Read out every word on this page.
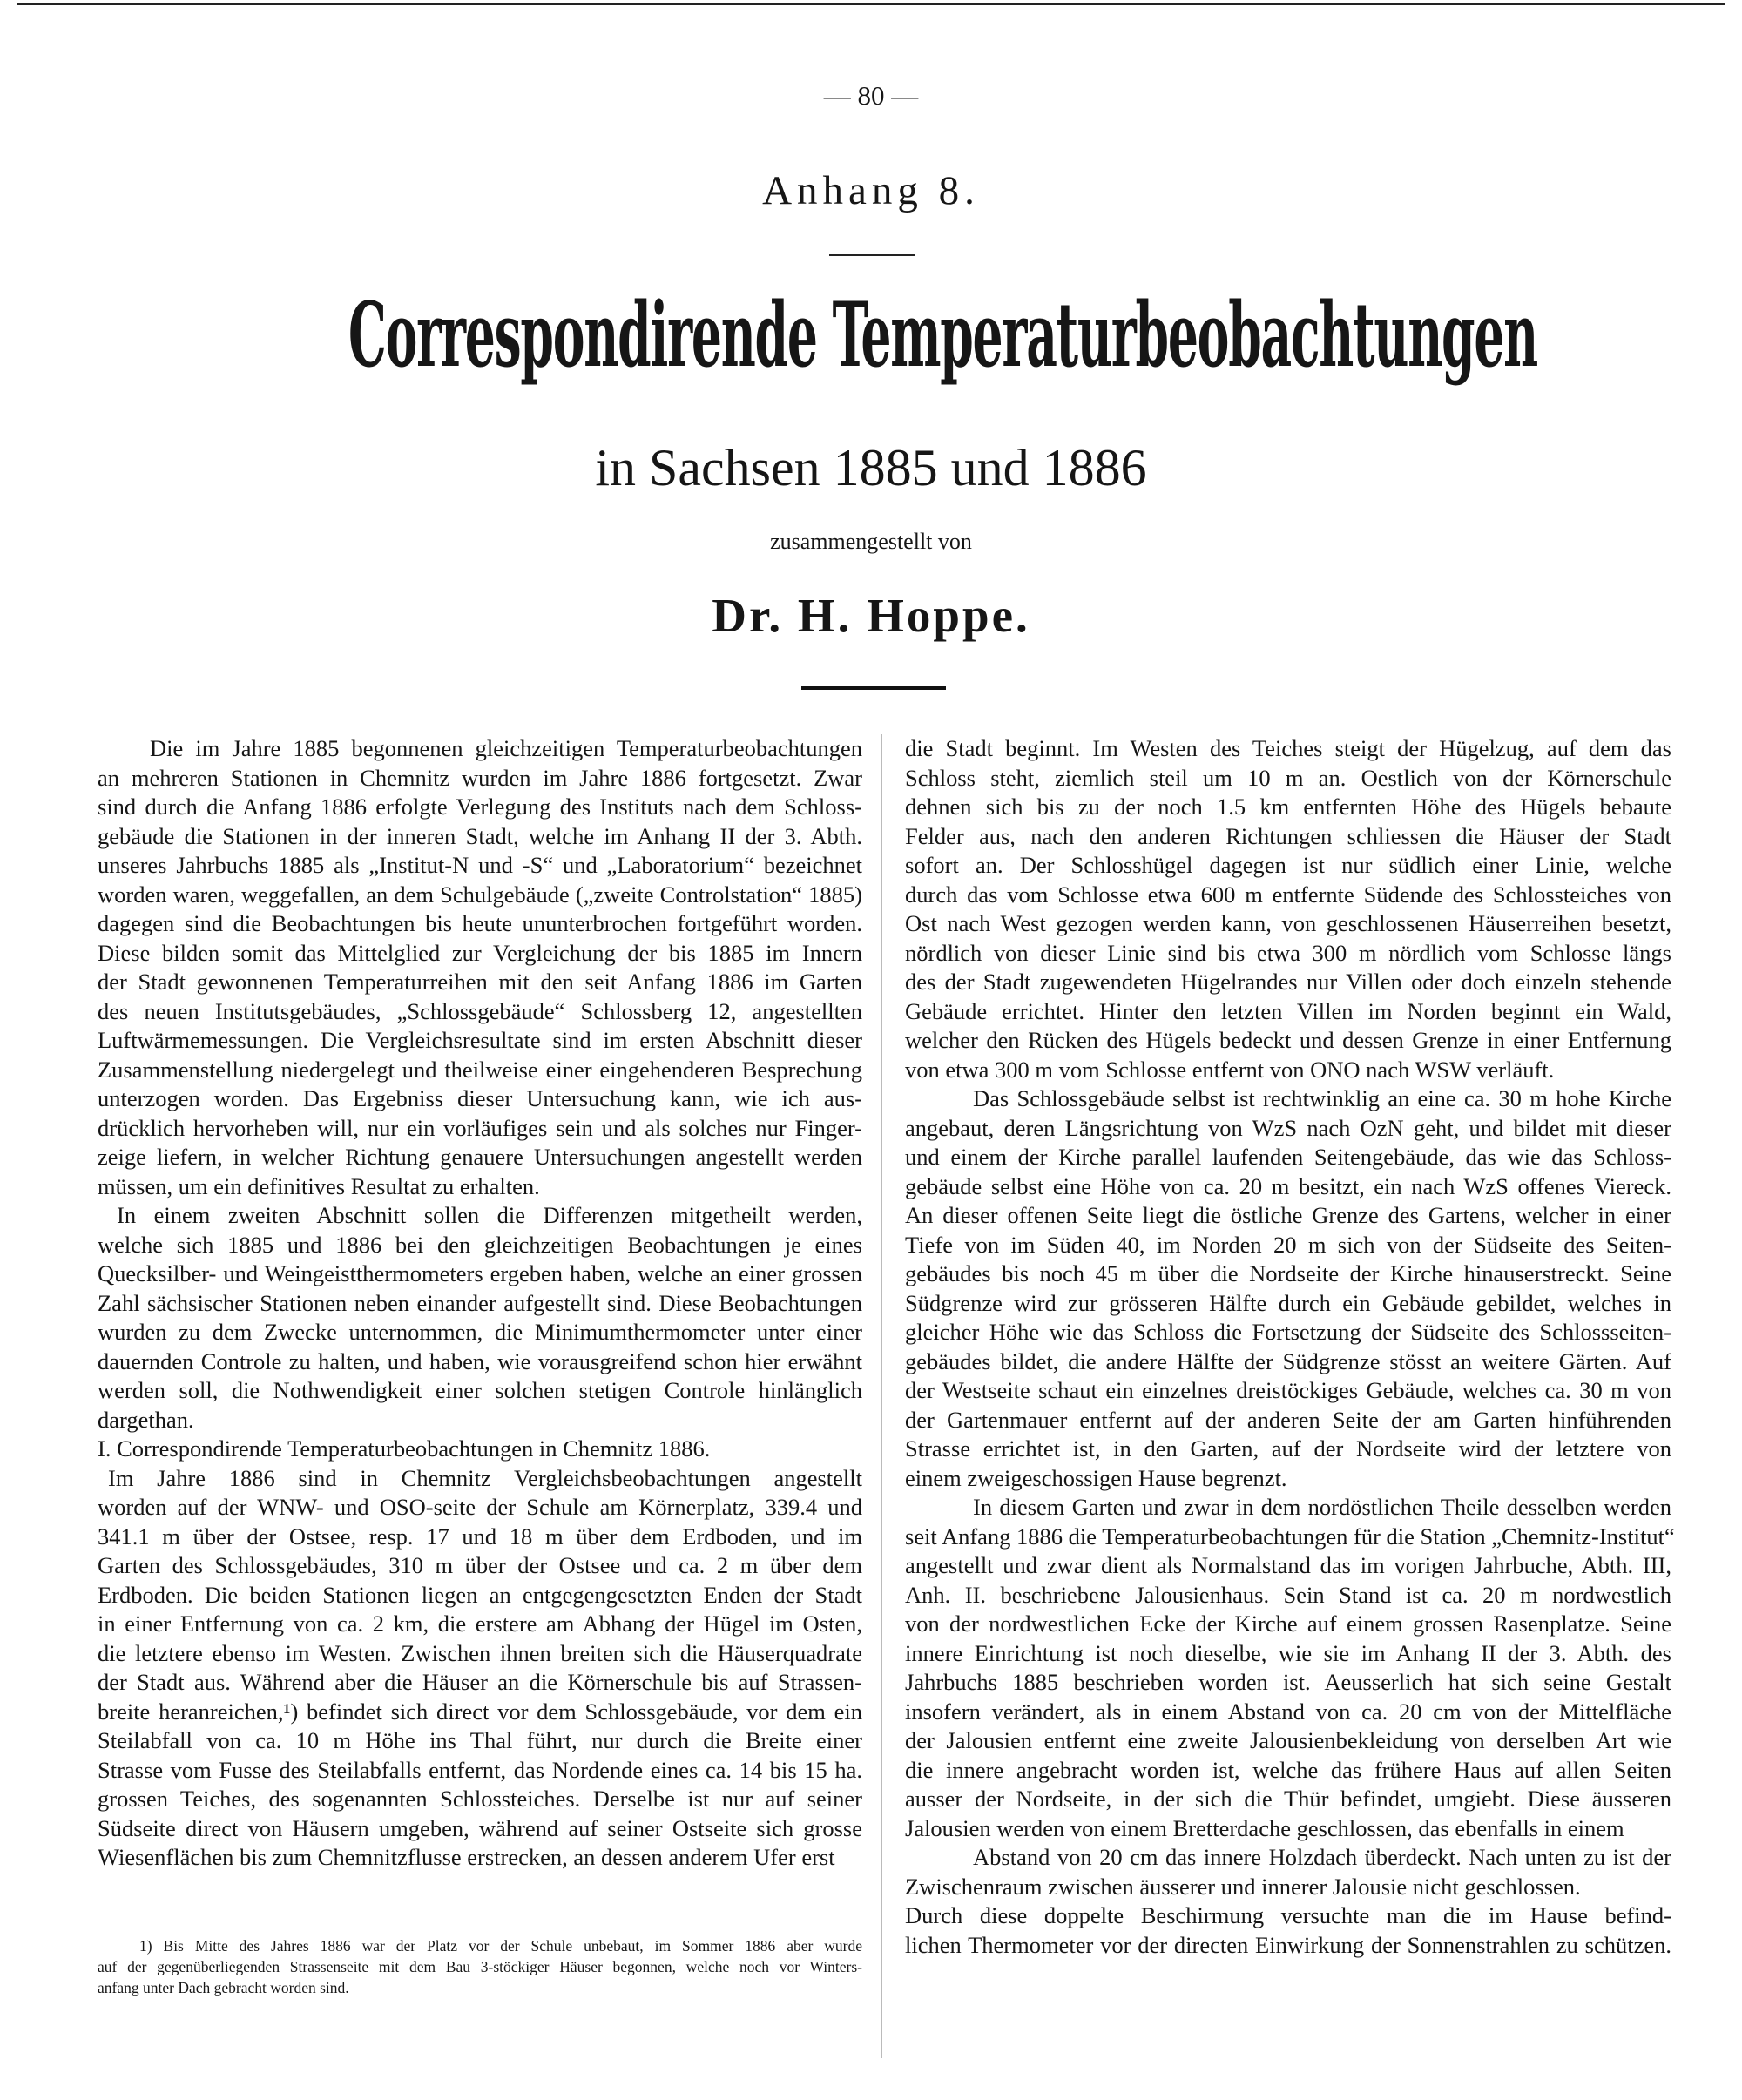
— 80 —
Anhang 8.
Correspondirende Temperaturbeobachtungen
in Sachsen 1885 und 1886
zusammengestellt von
Dr. H. Hoppe.
Die im Jahre 1885 begonnenen gleichzeitigen Temperaturbeobachtungen
an mehreren Stationen in Chemnitz wurden im Jahre 1886 fortgesetzt. Zwar
sind durch die Anfang 1886 erfolgte Verlegung des Instituts nach dem Schloss-
gebäude die Stationen in der inneren Stadt, welche im Anhang II der 3. Abth.
unseres Jahrbuchs 1885 als „Institut-N und -S“ und „Laboratorium“ bezeichnet
worden waren, weggefallen, an dem Schulgebäude („zweite Controlstation“ 1885)
dagegen sind die Beobachtungen bis heute ununterbrochen fortgeführt worden.
Diese bilden somit das Mittelglied zur Vergleichung der bis 1885 im Innern
der Stadt gewonnenen Temperaturreihen mit den seit Anfang 1886 im Garten
des neuen Institutsgebäudes, „Schlossgebäude“ Schlossberg 12, angestellten
Luftwärmemessungen. Die Vergleichsresultate sind im ersten Abschnitt dieser
Zusammenstellung niedergelegt und theilweise einer eingehenderen Besprechung
unterzogen worden. Das Ergebniss dieser Untersuchung kann, wie ich aus-
drücklich hervorheben will, nur ein vorläufiges sein und als solches nur Finger-
zeige liefern, in welcher Richtung genauere Untersuchungen angestellt werden
müssen, um ein definitives Resultat zu erhalten.
In einem zweiten Abschnitt sollen die Differenzen mitgetheilt werden,
welche sich 1885 und 1886 bei den gleichzeitigen Beobachtungen je eines
Quecksilber- und Weingeistthermometers ergeben haben, welche an einer grossen
Zahl sächsischer Stationen neben einander aufgestellt sind. Diese Beobachtungen
wurden zu dem Zwecke unternommen, die Minimumthermometer unter einer
dauernden Controle zu halten, und haben, wie vorausgreifend schon hier erwähnt
werden soll, die Nothwendigkeit einer solchen stetigen Controle hinlänglich
dargethan.
I. Correspondirende Temperaturbeobachtungen in Chemnitz 1886.
Im Jahre 1886 sind in Chemnitz Vergleichsbeobachtungen angestellt
worden auf der WNW- und OSO-seite der Schule am Körnerplatz, 339.4 und
341.1 m über der Ostsee, resp. 17 und 18 m über dem Erdboden, und im
Garten des Schlossgebäudes, 310 m über der Ostsee und ca. 2 m über dem
Erdboden. Die beiden Stationen liegen an entgegengesetzten Enden der Stadt
in einer Entfernung von ca. 2 km, die erstere am Abhang der Hügel im Osten,
die letztere ebenso im Westen. Zwischen ihnen breiten sich die Häuserquadrate
der Stadt aus. Während aber die Häuser an die Körnerschule bis auf Strassen-
breite heranreichen,¹) befindet sich direct vor dem Schlossgebäude, vor dem ein
Steilabfall von ca. 10 m Höhe ins Thal führt, nur durch die Breite einer
Strasse vom Fusse des Steilabfalls entfernt, das Nordende eines ca. 14 bis 15 ha.
grossen Teiches, des sogenannten Schlossteiches. Derselbe ist nur auf seiner
Südseite direct von Häusern umgeben, während auf seiner Ostseite sich grosse
Wiesenflächen bis zum Chemnitzflusse erstrecken, an dessen anderem Ufer erst
1) Bis Mitte des Jahres 1886 war der Platz vor der Schule unbebaut, im Sommer 1886 aber wurde
auf der gegenüberliegenden Strassenseite mit dem Bau 3-stöckiger Häuser begonnen, welche noch vor Winters-
anfang unter Dach gebracht worden sind.
die Stadt beginnt. Im Westen des Teiches steigt der Hügelzug, auf dem das
Schloss steht, ziemlich steil um 10 m an. Oestlich von der Körnerschule
dehnen sich bis zu der noch 1.5 km entfernten Höhe des Hügels bebaute
Felder aus, nach den anderen Richtungen schliessen die Häuser der Stadt
sofort an. Der Schlosshügel dagegen ist nur südlich einer Linie, welche
durch das vom Schlosse etwa 600 m entfernte Südende des Schlossteiches von
Ost nach West gezogen werden kann, von geschlossenen Häuserreihen besetzt,
nördlich von dieser Linie sind bis etwa 300 m nördlich vom Schlosse längs
des der Stadt zugewendeten Hügelrandes nur Villen oder doch einzeln stehende
Gebäude errichtet. Hinter den letzten Villen im Norden beginnt ein Wald,
welcher den Rücken des Hügels bedeckt und dessen Grenze in einer Entfernung
von etwa 300 m vom Schlosse entfernt von ONO nach WSW verläuft.
Das Schlossgebäude selbst ist rechtwinklig an eine ca. 30 m hohe Kirche
angebaut, deren Längsrichtung von WzS nach OzN geht, und bildet mit dieser
und einem der Kirche parallel laufenden Seitengebäude, das wie das Schloss-
gebäude selbst eine Höhe von ca. 20 m besitzt, ein nach WzS offenes Viereck.
An dieser offenen Seite liegt die östliche Grenze des Gartens, welcher in einer
Tiefe von im Süden 40, im Norden 20 m sich von der Südseite des Seiten-
gebäudes bis noch 45 m über die Nordseite der Kirche hinauserstreckt. Seine
Südgrenze wird zur grösseren Hälfte durch ein Gebäude gebildet, welches in
gleicher Höhe wie das Schloss die Fortsetzung der Südseite des Schlossseiten-
gebäudes bildet, die andere Hälfte der Südgrenze stösst an weitere Gärten. Auf
der Westseite schaut ein einzelnes dreistöckiges Gebäude, welches ca. 30 m von
der Gartenmauer entfernt auf der anderen Seite der am Garten hinführenden
Strasse errichtet ist, in den Garten, auf der Nordseite wird der letztere von
einem zweigeschossigen Hause begrenzt.
In diesem Garten und zwar in dem nordöstlichen Theile desselben werden
seit Anfang 1886 die Temperaturbeobachtungen für die Station „Chemnitz-Institut“
angestellt und zwar dient als Normalstand das im vorigen Jahrbuche, Abth. III,
Anh. II. beschriebene Jalousienhaus. Sein Stand ist ca. 20 m nordwestlich
von der nordwestlichen Ecke der Kirche auf einem grossen Rasenplatze. Seine
innere Einrichtung ist noch dieselbe, wie sie im Anhang II der 3. Abth. des
Jahrbuchs 1885 beschrieben worden ist. Aeusserlich hat sich seine Gestalt
insofern verändert, als in einem Abstand von ca. 20 cm von der Mittelfläche
der Jalousien entfernt eine zweite Jalousienbekleidung von derselben Art wie
die innere angebracht worden ist, welche das frühere Haus auf allen Seiten
ausser der Nordseite, in der sich die Thür befindet, umgiebt. Diese äusseren
Jalousien werden von einem Bretterdache geschlossen, das ebenfalls in einem
Abstand von 20 cm das innere Holzdach überdeckt. Nach unten zu ist der
Zwischenraum zwischen äusserer und innerer Jalousie nicht geschlossen.
Durch diese doppelte Beschirmung versuchte man die im Hause befind-
lichen Thermometer vor der directen Einwirkung der Sonnenstrahlen zu schützen.
